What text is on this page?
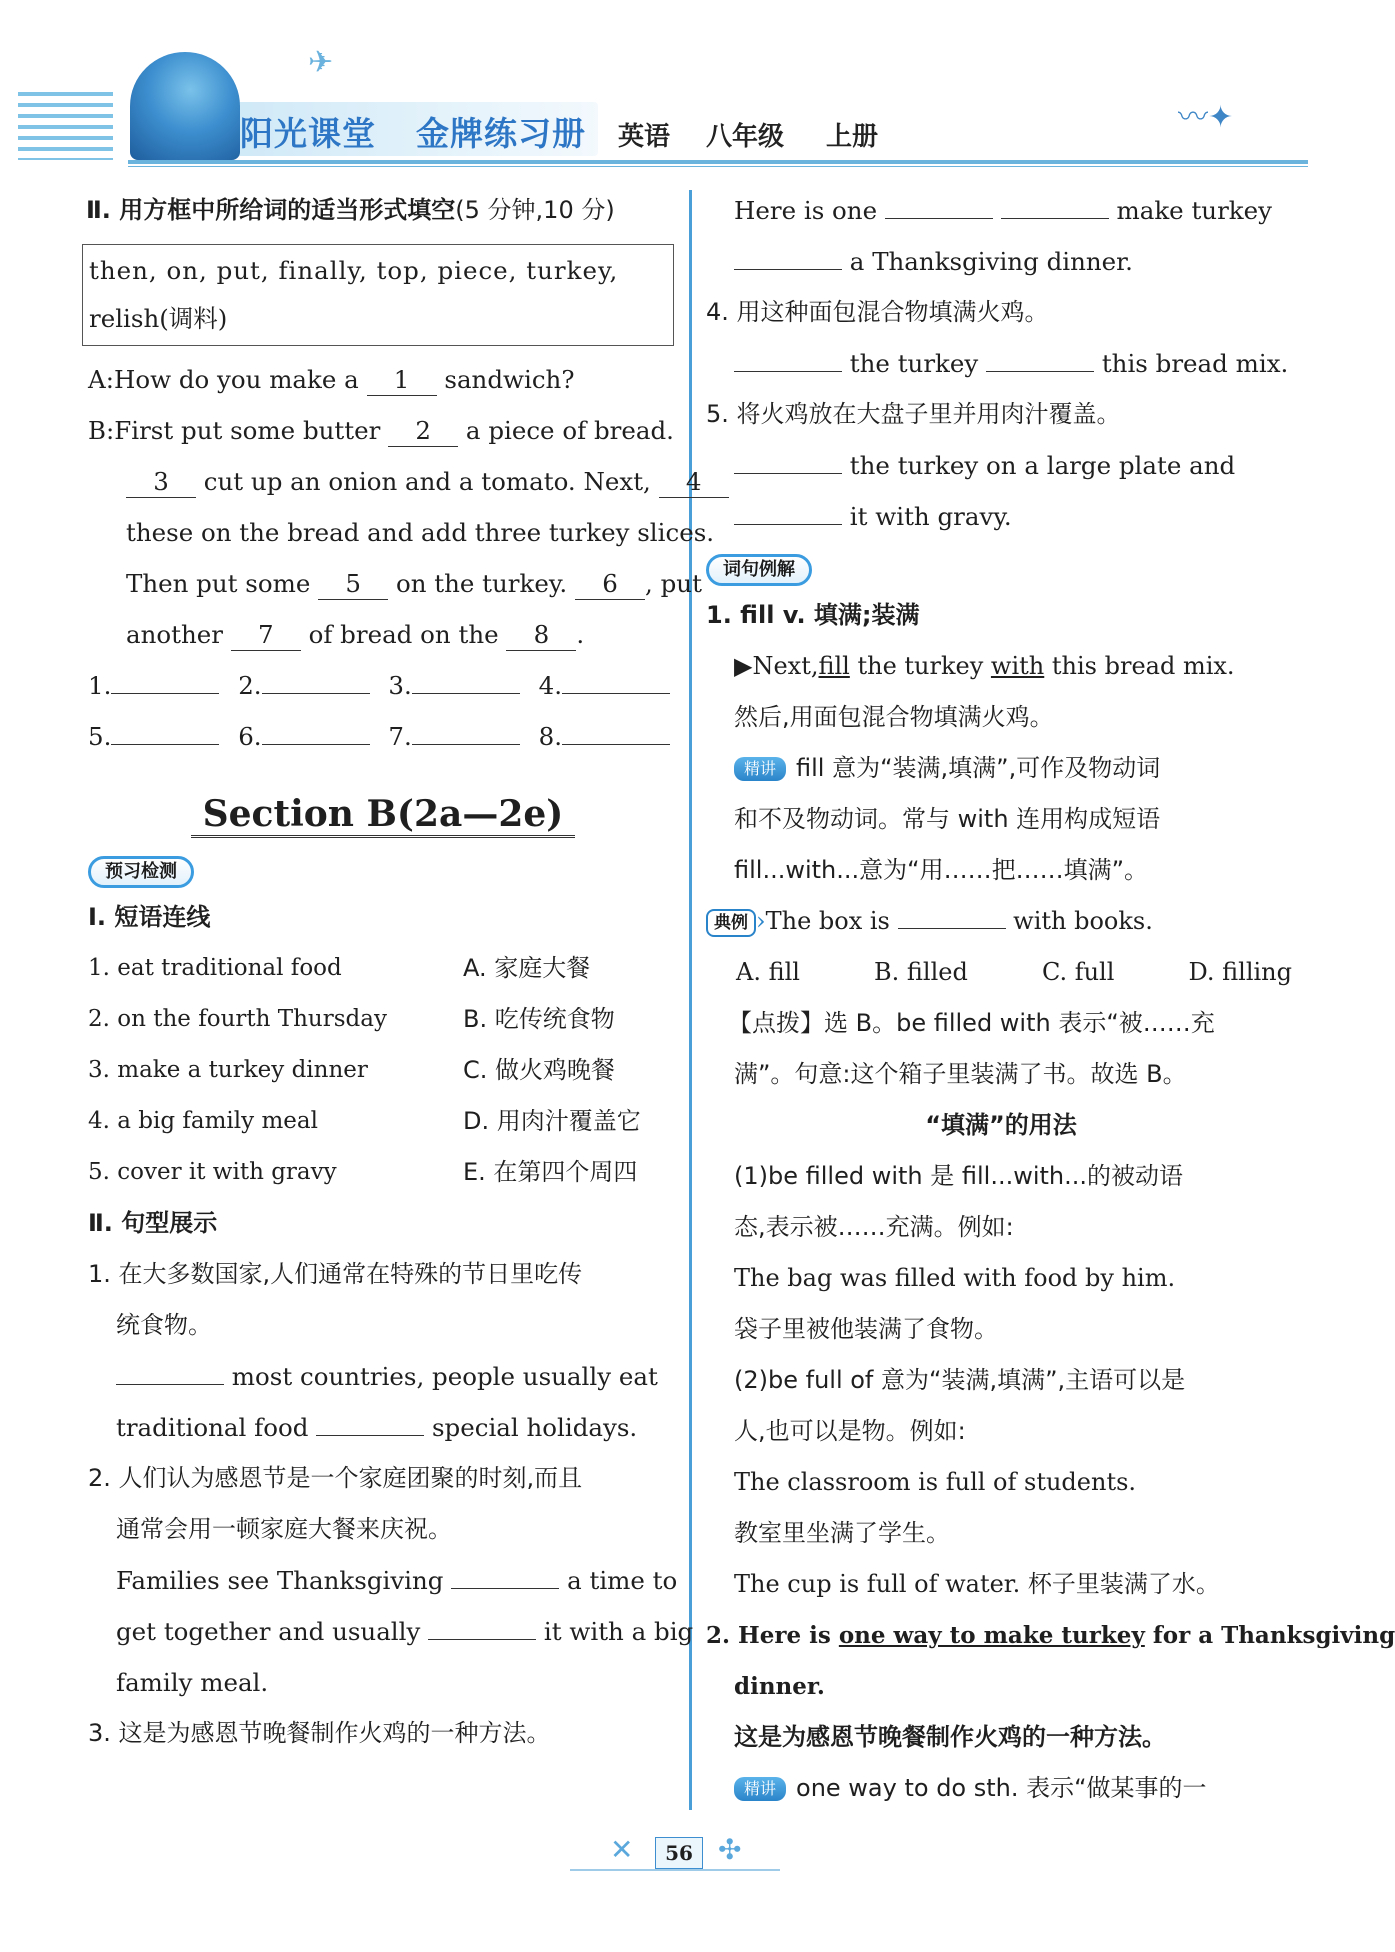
✈
阳光课堂 金牌练习册 英语 八年级 上册
〰✦
Ⅱ. 用方框中所给词的适当形式填空(5 分钟,10 分)
then, on, put, finally, top, piece, turkey,
relish(调料)
A:How do you make a 1 sandwich?
B:First put some butter 2 a piece of bread.
3 cut up an onion and a tomato. Next, 4
these on the bread and add three turkey slices.
Then put some 5 on the turkey. 6 , put
another 7 of bread on the 8 .
1.	2.	3.	4.
5.	6.	7.	8.
Section B(2a—2e)
预习检测
Ⅰ. 短语连线
1. eat traditional food	A. 家庭大餐
2. on the fourth Thursday	B. 吃传统食物
3. make a turkey dinner	C. 做火鸡晚餐
4. a big family meal	D. 用肉汁覆盖它
5. cover it with gravy	E. 在第四个周四
Ⅱ. 句型展示
1. 在大多数国家,人们通常在特殊的节日里吃传
统食物。
most countries, people usually eat
traditional food	special holidays.
2. 人们认为感恩节是一个家庭团聚的时刻,而且
通常会用一顿家庭大餐来庆祝。
Families see Thanksgiving	a time to
get together and usually	it with a big
family meal.
3. 这是为感恩节晚餐制作火鸡的一种方法。
Here is one	make turkey
a Thanksgiving dinner.
4. 用这种面包混合物填满火鸡。
the turkey	this bread mix.
5. 将火鸡放在大盘子里并用肉汁覆盖。
the turkey on a large plate and
it with gravy.
词句例解
1. fill v. 填满;装满
▶Next,fill the turkey with this bread mix.
然后,用面包混合物填满火鸡。
精讲 fill 意为“装满,填满”,可作及物动词
和不及物动词。常与 with 连用构成短语
fill...with...意为“用……把……填满”。
典例 ›The box is	with books.
A. fill	B. filled	C. full	D. filling
【点拨】选 B。be filled with 表示“被……充
满”。句意:这个箱子里装满了书。故选 B。
“填满”的用法
(1)be filled with 是 fill...with...的被动语
态,表示被……充满。例如:
The bag was filled with food by him.
袋子里被他装满了食物。
(2)be full of 意为“装满,填满”,主语可以是
人,也可以是物。例如:
The classroom is full of students.
教室里坐满了学生。
The cup is full of water. 杯子里装满了水。
2. Here is one way to make turkey for a Thanksgiving
dinner.
这是为感恩节晚餐制作火鸡的一种方法。
精讲 one way to do sth. 表示“做某事的一
✕	56 ✣
